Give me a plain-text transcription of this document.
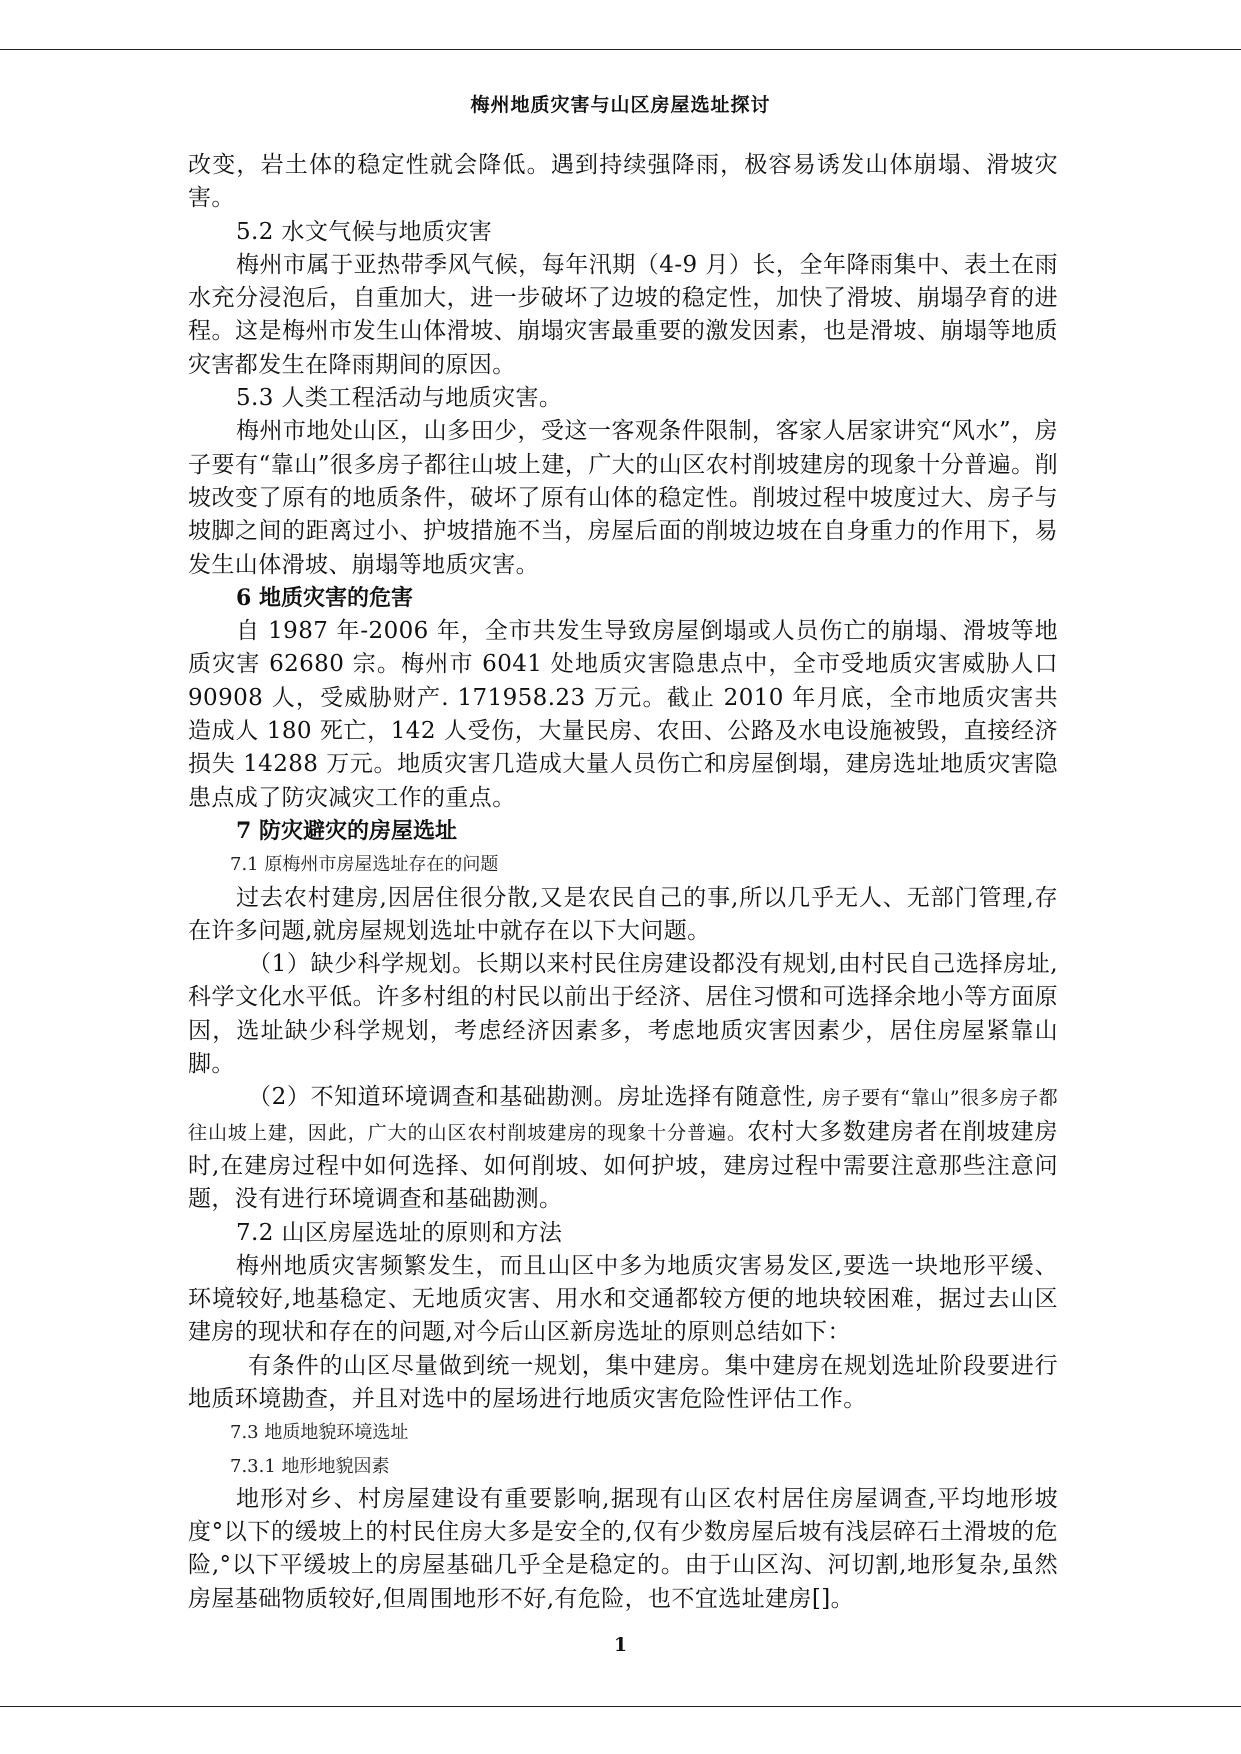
梅州地质灾害与山区房屋选址探讨

改变，岩土体的稳定性就会降低。遇到持续强降雨，极容易诱发山体崩塌、滑坡灾害。

5.2 水文气候与地质灾害

梅州市属于亚热带季风气候，每年汛期（4-9 月）长，全年降雨集中、表土在雨水充分浸泡后，自重加大，进一步破坏了边坡的稳定性，加快了滑坡、崩塌孕育的进程。这是梅州市发生山体滑坡、崩塌灾害最重要的激发因素，也是滑坡、崩塌等地质灾害都发生在降雨期间的原因。

5.3 人类工程活动与地质灾害。

梅州市地处山区，山多田少，受这一客观条件限制，客家人居家讲究“风水”，房子要有“靠山”很多房子都往山坡上建，广大的山区农村削坡建房的现象十分普遍。削坡改变了原有的地质条件，破坏了原有山体的稳定性。削坡过程中坡度过大、房子与坡脚之间的距离过小、护坡措施不当，房屋后面的削坡边坡在自身重力的作用下，易发生山体滑坡、崩塌等地质灾害。

6 地质灾害的危害

自 1987 年-2006 年，全市共发生导致房屋倒塌或人员伤亡的崩塌、滑坡等地质灾害 62680 宗。梅州市 6041 处地质灾害隐患点中，全市受地质灾害威胁人口 90908 人，受威胁财产. 171958.23 万元。截止 2010 年月底，全市地质灾害共造成人 180 死亡，142 人受伤，大量民房、农田、公路及水电设施被毁，直接经济损失 14288 万元。地质灾害几造成大量人员伤亡和房屋倒塌，建房选址地质灾害隐患点成了防灾减灾工作的重点。

7 防灾避灾的房屋选址

7.1 原梅州市房屋选址存在的问题

过去农村建房,因居住很分散,又是农民自己的事,所以几乎无人、无部门管理,存在许多问题,就房屋规划选址中就存在以下大问题。

（1）缺少科学规划。长期以来村民住房建设都没有规划,由村民自己选择房址,科学文化水平低。许多村组的村民以前出于经济、居住习惯和可选择余地小等方面原因，选址缺少科学规划，考虑经济因素多，考虑地质灾害因素少，居住房屋紧靠山脚。

（2）不知道环境调查和基础勘测。房址选择有随意性, 房子要有“靠山”很多房子都往山坡上建，因此，广大的山区农村削坡建房的现象十分普遍。农村大多数建房者在削坡建房时,在建房过程中如何选择、如何削坡、如何护坡，建房过程中需要注意那些注意问题，没有进行环境调查和基础勘测。

7.2 山区房屋选址的原则和方法

梅州地质灾害频繁发生，而且山区中多为地质灾害易发区,要选一块地形平缓、环境较好,地基稳定、无地质灾害、用水和交通都较方便的地块较困难，据过去山区建房的现状和存在的问题,对今后山区新房选址的原则总结如下：

有条件的山区尽量做到统一规划，集中建房。集中建房在规划选址阶段要进行地质环境勘查，并且对选中的屋场进行地质灾害危险性评估工作。

7.3 地质地貌环境选址

7.3.1 地形地貌因素

地形对乡、村房屋建设有重要影响,据现有山区农村居住房屋调查,平均地形坡度°以下的缓坡上的村民住房大多是安全的,仅有少数房屋后坡有浅层碎石土滑坡的危险,°以下平缓坡上的房屋基础几乎全是稳定的。由于山区沟、河切割,地形复杂,虽然房屋基础物质较好,但周围地形不好,有危险，也不宜选址建房[]。

1
